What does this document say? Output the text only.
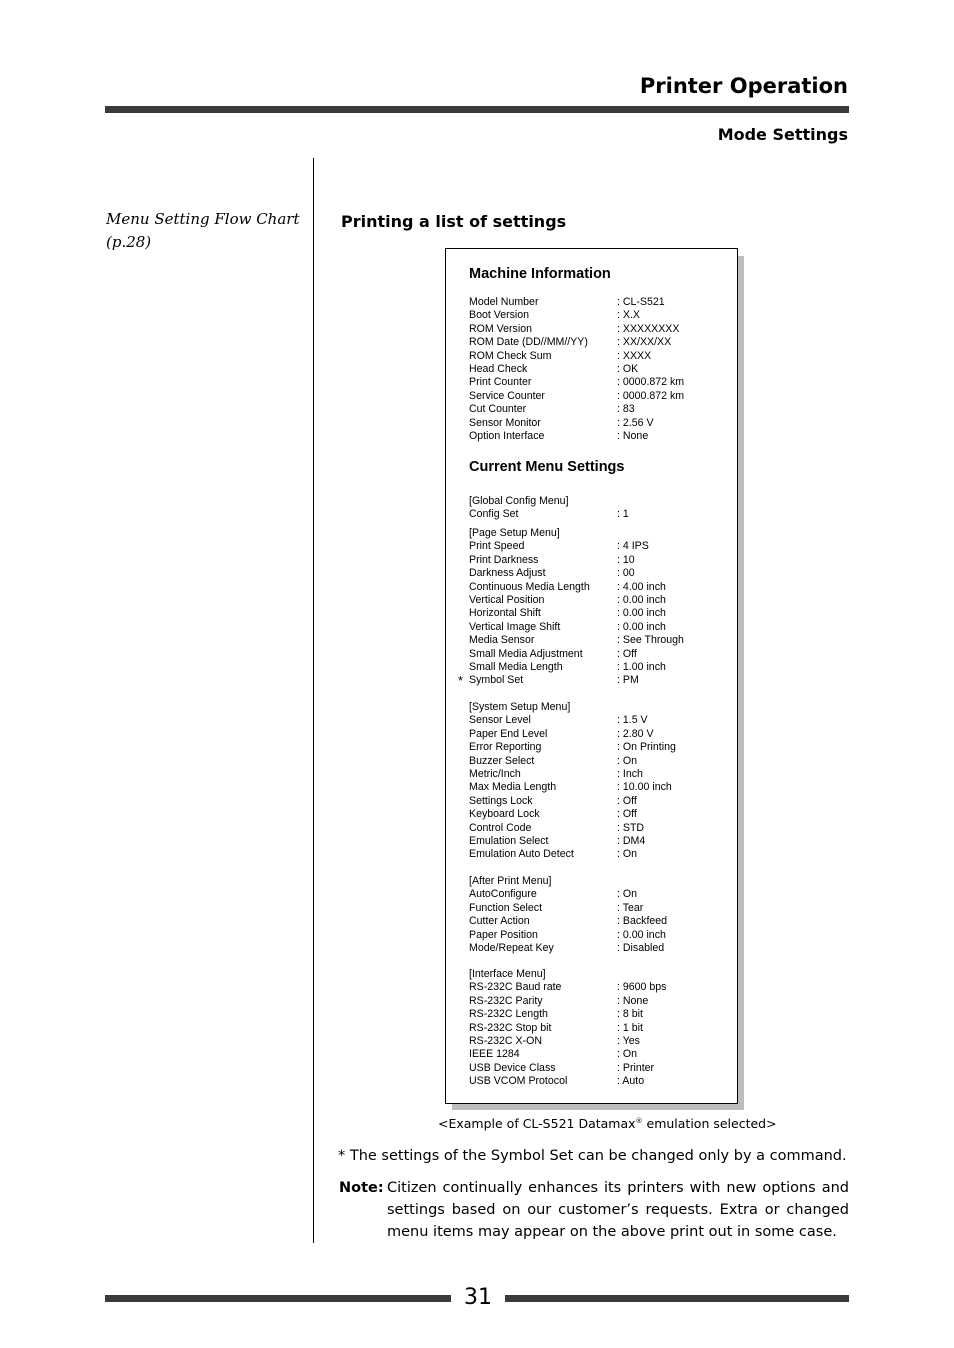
Printer Operation
Mode Settings
Menu Setting Flow Chart
(p.28)
Printing a list of settings
Machine Information
Model Number	: CL-S521
Boot Version	: X.X
ROM Version	: XXXXXXXX
ROM Date (DD//MM//YY)	: XX/XX/XX
ROM Check Sum	: XXXX
Head Check	: OK
Print Counter	: 0000.872 km
Service Counter	: 0000.872 km
Cut Counter	: 83
Sensor Monitor	: 2.56 V
Option Interface	: None
Current Menu Settings
[Global Config Menu]
Config Set	: 1
[Page Setup Menu]
Print Speed	: 4 IPS
Print Darkness	: 10
Darkness Adjust	: 00
Continuous Media Length	: 4.00 inch
Vertical Position	: 0.00 inch
Horizontal Shift	: 0.00 inch
Vertical Image Shift	: 0.00 inch
Media Sensor	: See Through
Small Media Adjustment	: Off
Small Media Length	: 1.00 inch
Symbol Set	: PM
[System Setup Menu]
Sensor Level	: 1.5 V
Paper End Level	: 2.80 V
Error Reporting	: On Printing
Buzzer Select	: On
Metric/Inch	: Inch
Max Media Length	: 10.00 inch
Settings Lock	: Off
Keyboard Lock	: Off
Control Code	: STD
Emulation Select	: DM4
Emulation Auto Detect	: On
[After Print Menu]
AutoConfigure	: On
Function Select	: Tear
Cutter Action	: Backfeed
Paper Position	: 0.00 inch
Mode/Repeat Key	: Disabled
[Interface Menu]
RS-232C Baud rate	: 9600 bps
RS-232C Parity	: None
RS-232C Length	: 8 bit
RS-232C Stop bit	: 1 bit
RS-232C X-ON	: Yes
IEEE 1284	: On
USB Device Class	: Printer
USB VCOM Protocol	: Auto
*
<Example of CL-S521 Datamax® emulation selected>
* The settings of the Symbol Set can be changed only by a command.
Note: Citizen continually enhances its printers with new options and settings based on our customer’s requests. Extra or changed menu items may appear on the above print out in some case.
31
